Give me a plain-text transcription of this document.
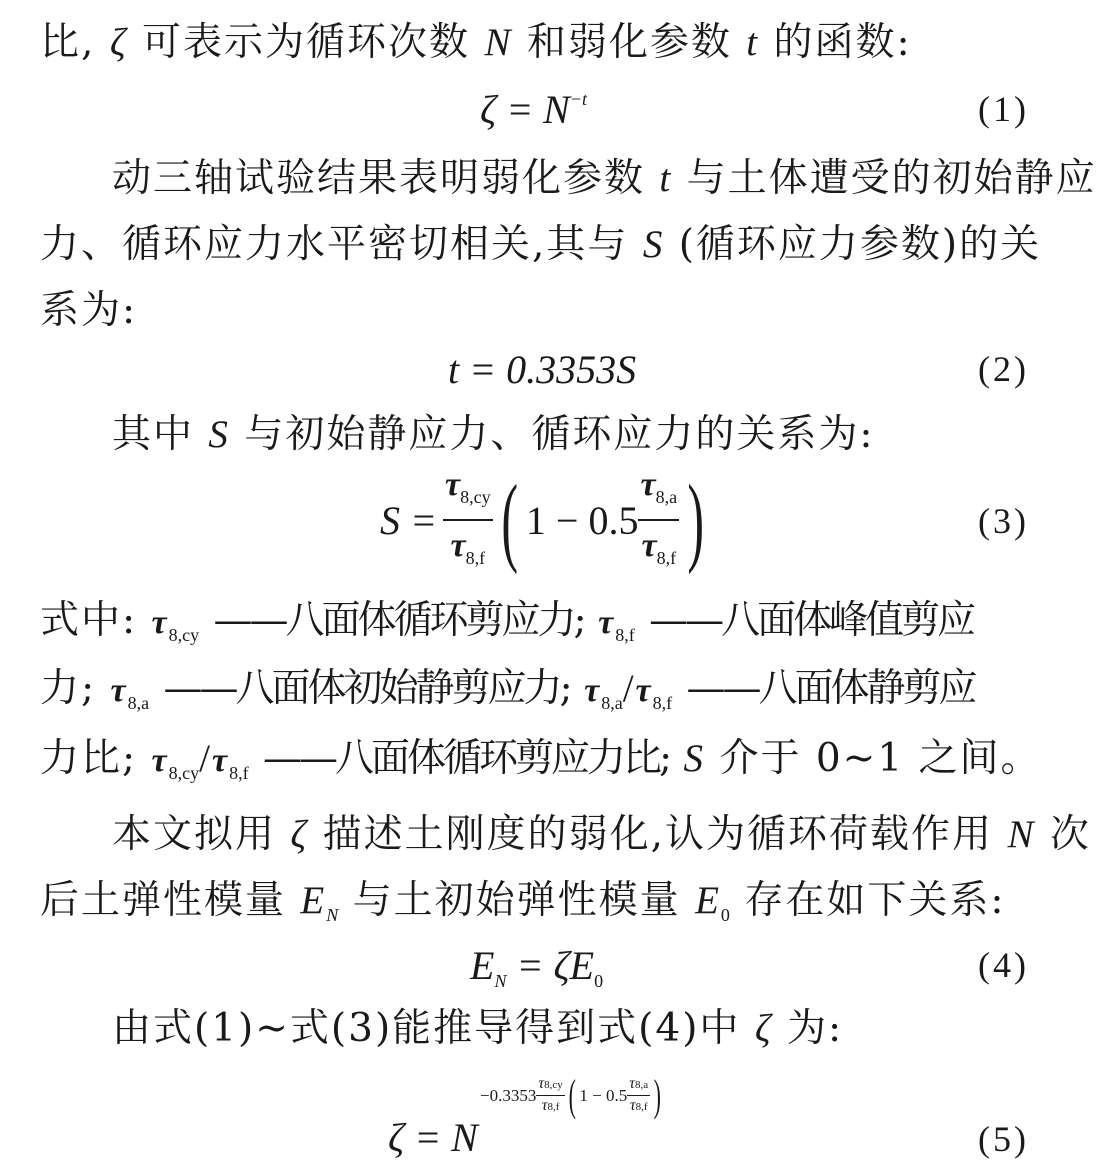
比, ζ 可表示为循环次数 N 和弱化参数 t 的函数:
$\zeta = N^{-t}$	(1)
动三轴试验结果表明弱化参数 t 与土体遭受的初始静应
力、循环应力水平密切相关,其与 S (循环应力参数)的关
系为:
t = 0.3353S	(2)
其中 S 与初始静应力、循环应力的关系为:
$S = \frac{\tau_{8,cy}}{\tau_{8,f}}$ ( $1 - 0.5 \frac{\tau_{8,a}}{\tau_{8,f}}$ )	(3)
式中: $\tau_{8,cy}$ ——八面体循环剪应力; $\tau_{8,f}$ ——八面体峰值剪应
力; $\tau_{8,a}$ ——八面体初始静剪应力; $\tau_{8,a}/\tau_{8,f}$ ——八面体静剪应
力比; $\tau_{8,cy}/\tau_{8,f}$ ——八面体循环剪应力比; S 介于 0~1 之间。
本文拟用 ζ 描述土刚度的弱化,认为循环荷载作用 N 次
后土弹性模量 $E_N$ 与土初始弹性模量 $E_0$ 存在如下关系:
$E_N = \zeta E_0$	(4)
由式(1)~式(3)能推导得到式(4)中 ζ 为:
ζ = N
$-0.3353 \frac{\tau 8,cy}{\tau 8,f}$ ( $1 - 0.5 \frac{\tau 8,a}{\tau 8,f}$ )
(5)
